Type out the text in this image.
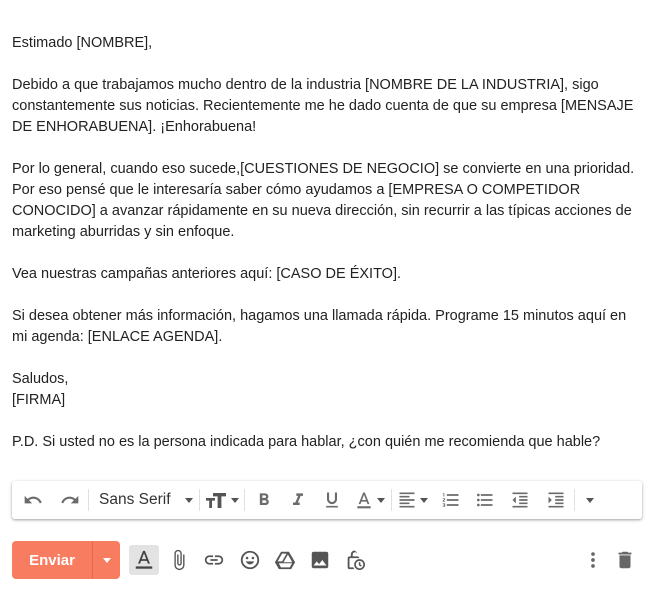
Estimado [NOMBRE],

Debido a que trabajamos mucho dentro de la industria [NOMBRE DE LA INDUSTRIA], sigo

constantemente sus noticias. Recientemente me he dado cuenta de que su empresa [MENSAJE

DE ENHORABUENA]. ¡Enhorabuena!

Por lo general, cuando eso sucede,[CUESTIONES DE NEGOCIO] se convierte en una prioridad.

Por eso pensé que le interesaría saber cómo ayudamos a [EMPRESA O COMPETIDOR

CONOCIDO] a avanzar rápidamente en su nueva dirección, sin recurrir a las típicas acciones de

marketing aburridas y sin enfoque.

Vea nuestras campañas anteriores aquí: [CASO DE ÉXITO].

Si desea obtener más información, hagamos una llamada rápida. Programe 15 minutos aquí en

mi agenda: [ENLACE AGENDA].

Saludos,

[FIRMA]

P.D. Si usted no es la persona indicada para hablar, ¿con quién me recomienda que hable?

Sans Serif
Enviar
